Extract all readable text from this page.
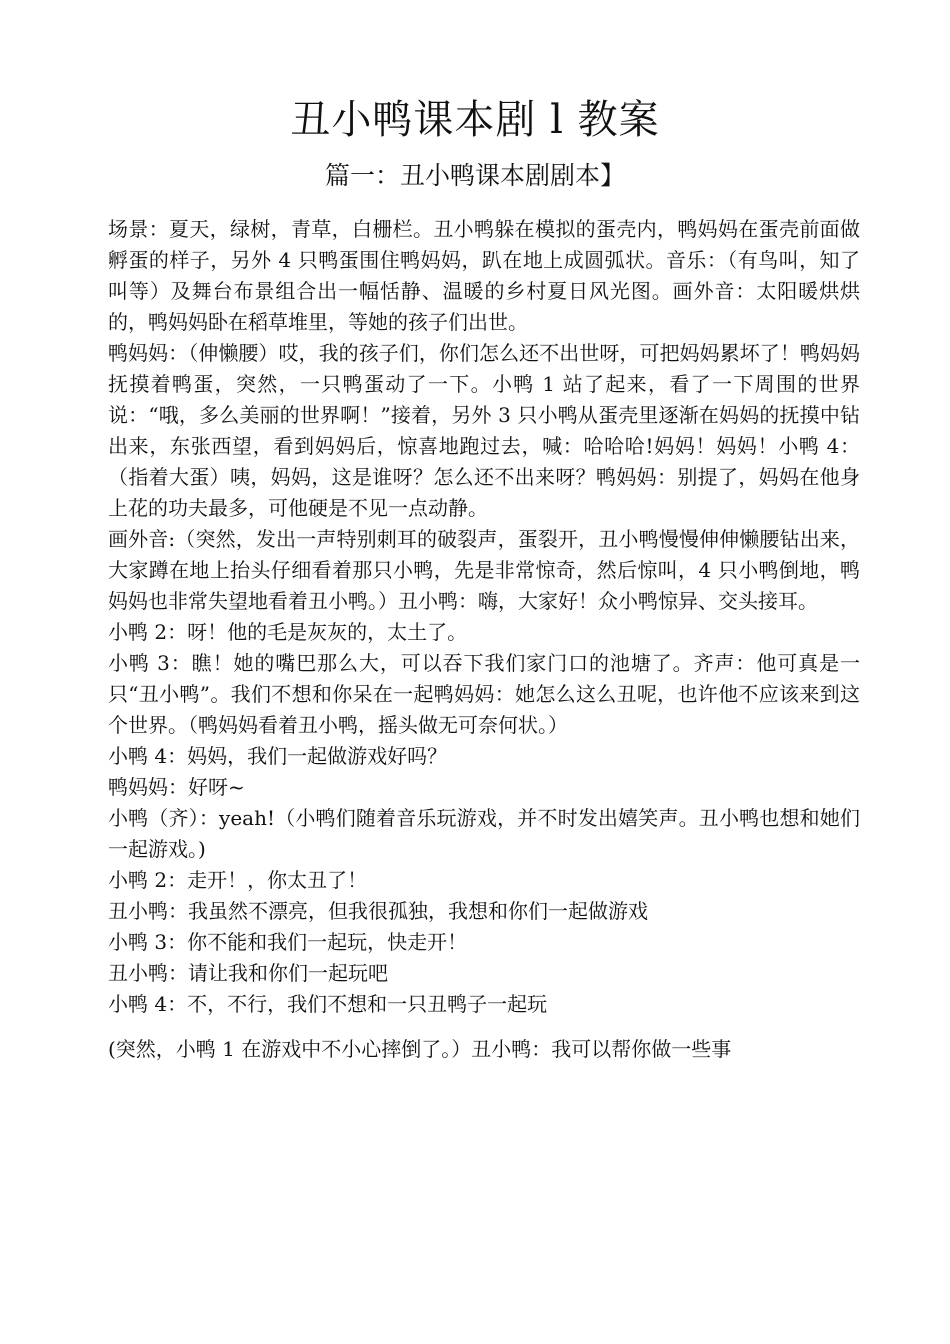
丑小鸭课本剧 l 教案
篇一：丑小鸭课本剧剧本】

场景：夏天，绿树，青草，白栅栏。丑小鸭躲在模拟的蛋壳内，鸭妈妈在蛋壳前面做孵蛋的样子，另外 4 只鸭蛋围住鸭妈妈，趴在地上成圆弧状。音乐：（有鸟叫，知了叫等）及舞台布景组合出一幅恬静、温暖的乡村夏日风光图。画外音：太阳暖烘烘的，鸭妈妈卧在稻草堆里，等她的孩子们出世。

鸭妈妈：（伸懒腰）哎，我的孩子们，你们怎么还不出世呀，可把妈妈累坏了！鸭妈妈抚摸着鸭蛋，突然，一只鸭蛋动了一下。小鸭 1 站了起来，看了一下周围的世界说：“哦，多么美丽的世界啊！”接着，另外 3 只小鸭从蛋壳里逐渐在妈妈的抚摸中钻出来，东张西望，看到妈妈后，惊喜地跑过去，喊：哈哈哈!妈妈！妈妈！小鸭 4：（指着大蛋）咦，妈妈，这是谁呀？怎么还不出来呀？鸭妈妈：别提了，妈妈在他身上花的功夫最多，可他硬是不见一点动静。

画外音:（突然，发出一声特别刺耳的破裂声，蛋裂开，丑小鸭慢慢伸伸懒腰钻出来，大家蹲在地上抬头仔细看着那只小鸭，先是非常惊奇，然后惊叫，4 只小鸭倒地，鸭妈妈也非常失望地看着丑小鸭。）丑小鸭：嗨，大家好！众小鸭惊异、交头接耳。

小鸭 2：呀！他的毛是灰灰的，太土了。

小鸭 3：瞧！她的嘴巴那么大，可以吞下我们家门口的池塘了。齐声：他可真是一只“丑小鸭”。我们不想和你呆在一起鸭妈妈：她怎么这么丑呢，也许他不应该来到这个世界。（鸭妈妈看着丑小鸭，摇头做无可奈何状。）

小鸭 4：妈妈，我们一起做游戏好吗？

鸭妈妈：好呀~

小鸭（齐）：yeah!（小鸭们随着音乐玩游戏，并不时发出嬉笑声。丑小鸭也想和她们一起游戏。)

小鸭 2：走开！，你太丑了！

丑小鸭：我虽然不漂亮，但我很孤独，我想和你们一起做游戏

小鸭 3：你不能和我们一起玩，快走开！

丑小鸭：请让我和你们一起玩吧

小鸭 4：不，不行，我们不想和一只丑鸭子一起玩

(突然，小鸭 1 在游戏中不小心摔倒了。）丑小鸭：我可以帮你做一些事
